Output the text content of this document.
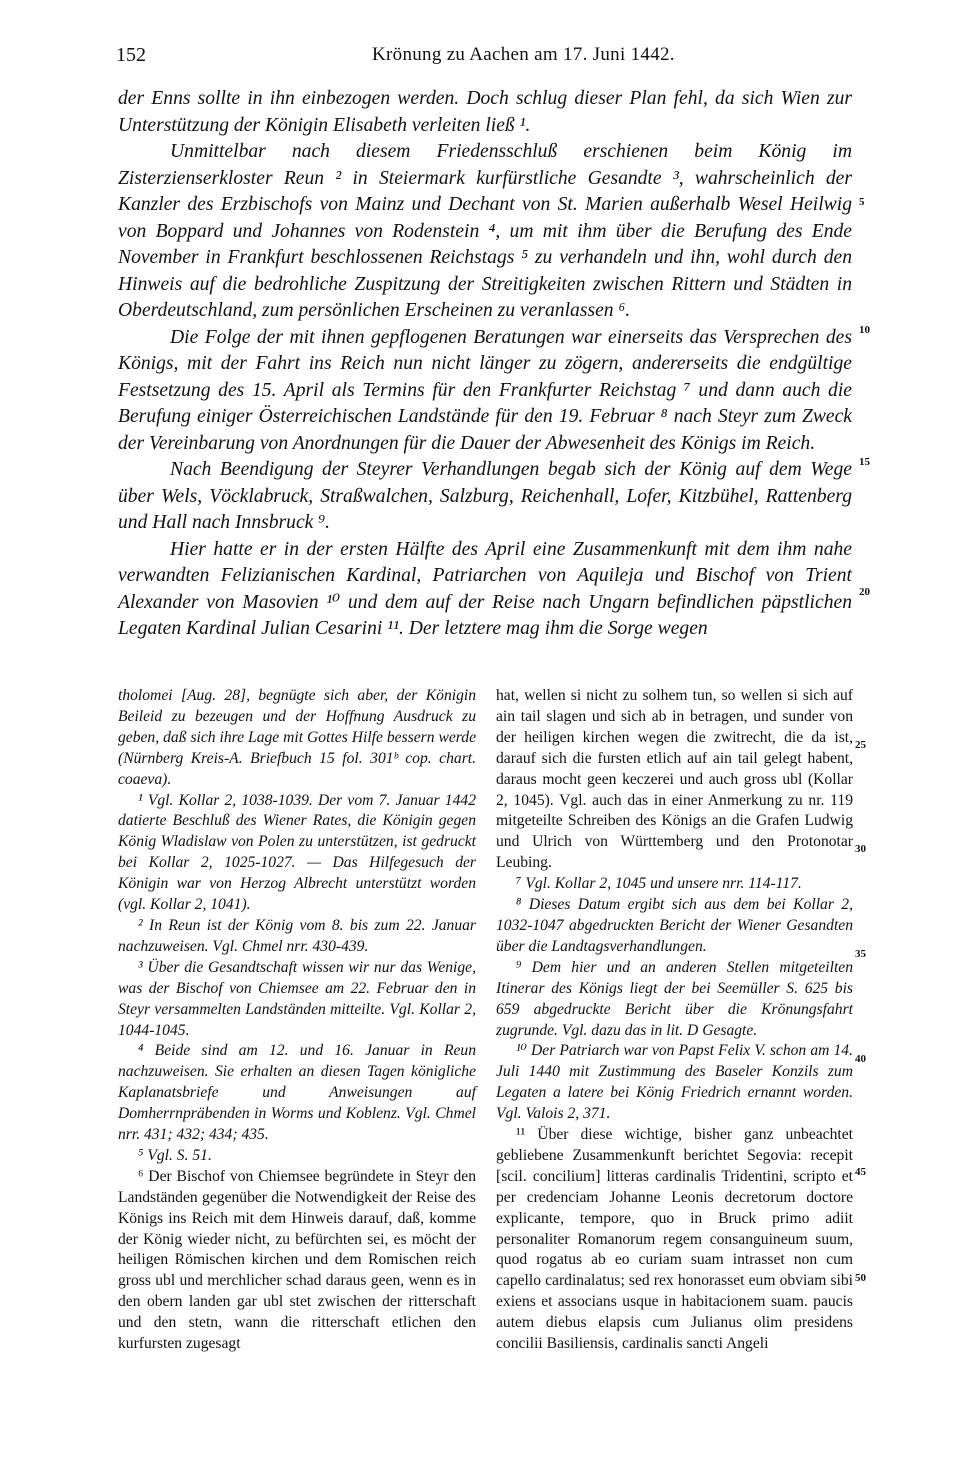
152	Krönung zu Aachen am 17. Juni 1442.

der Enns sollte in ihn einbezogen werden. Doch schlug dieser Plan fehl, da sich Wien zur Unterstützung der Königin Elisabeth verleiten ließ ¹.

Unmittelbar nach diesem Friedensschluß erschienen beim König im Zisterzienserkloster Reun ² in Steiermark kurfürstliche Gesandte ³, wahrscheinlich der Kanzler des Erzbischofs von Mainz und Dechant von St. Marien außerhalb Wesel Heilwig von Boppard und Johannes von Rodenstein ⁴, um mit ihm über die Berufung des Ende November in Frankfurt beschlossenen Reichstags ⁵ zu verhandeln und ihn, wohl durch den Hinweis auf die bedrohliche Zuspitzung der Streitigkeiten zwischen Rittern und Städten in Oberdeutschland, zum persönlichen Erscheinen zu veranlassen ⁶.

Die Folge der mit ihnen gepflogenen Beratungen war einerseits das Versprechen des Königs, mit der Fahrt ins Reich nun nicht länger zu zögern, andererseits die endgültige Festsetzung des 15. April als Termins für den Frankfurter Reichstag ⁷ und dann auch die Berufung einiger Österreichischen Landstände für den 19. Februar ⁸ nach Steyr zum Zweck der Vereinbarung von Anordnungen für die Dauer der Abwesenheit des Königs im Reich.

Nach Beendigung der Steyrer Verhandlungen begab sich der König auf dem Wege über Wels, Vöcklabruck, Straßwalchen, Salzburg, Reichenhall, Lofer, Kitzbühel, Rattenberg und Hall nach Innsbruck ⁹.

Hier hatte er in der ersten Hälfte des April eine Zusammenkunft mit dem ihm nahe verwandten Felizianischen Kardinal, Patriarchen von Aquileja und Bischof von Trient Alexander von Masovien ¹⁰ und dem auf der Reise nach Ungarn befindlichen päpstlichen Legaten Kardinal Julian Cesarini ¹¹. Der letztere mag ihm die Sorge wegen

5
10
15
20

tholomei [Aug. 28], begnügte sich aber, der Königin Beileid zu bezeugen und der Hoffnung Ausdruck zu geben, daß sich ihre Lage mit Gottes Hilfe bessern werde (Nürnberg Kreis-A. Briefbuch 15 fol. 301ᵇ cop. chart. coaeva).

¹ Vgl. Kollar 2, 1038-1039. Der vom 7. Januar 1442 datierte Beschluß des Wiener Rates, die Königin gegen König Wladislaw von Polen zu unterstützen, ist gedruckt bei Kollar 2, 1025-1027. — Das Hilfegesuch der Königin war von Herzog Albrecht unterstützt worden (vgl. Kollar 2, 1041).

² In Reun ist der König vom 8. bis zum 22. Januar nachzuweisen. Vgl. Chmel nrr. 430-439.

³ Über die Gesandtschaft wissen wir nur das Wenige, was der Bischof von Chiemsee am 22. Februar den in Steyr versammelten Landständen mitteilte. Vgl. Kollar 2, 1044-1045.

⁴ Beide sind am 12. und 16. Januar in Reun nachzuweisen. Sie erhalten an diesen Tagen königliche Kaplanatsbriefe und Anweisungen auf Domherrnpräbenden in Worms und Koblenz. Vgl. Chmel nrr. 431; 432; 434; 435.

⁵ Vgl. S. 51.

⁶ Der Bischof von Chiemsee begründete in Steyr den Landständen gegenüber die Notwendigkeit der Reise des Königs ins Reich mit dem Hinweis darauf, daß, komme der König wieder nicht, zu befürchten sei, es möcht der heiligen Römischen kirchen und dem Romischen reich gross ubl und merchlicher schad daraus geen, wenn es in den obern landen gar ubl stet zwischen der ritterschaft und den stetn, wann die ritterschaft etlichen den kurfursten zugesagt

hat, wellen si nicht zu solhem tun, so wellen si sich auf ain tail slagen und sich ab in betragen, und sunder von der heiligen kirchen wegen die zwitrecht, die da ist, darauf sich die fursten etlich auf ain tail gelegt habent, daraus mocht geen keczerei und auch gross ubl (Kollar 2, 1045). Vgl. auch das in einer Anmerkung zu nr. 119 mitgeteilte Schreiben des Königs an die Grafen Ludwig und Ulrich von Württemberg und den Protonotar Leubing.

⁷ Vgl. Kollar 2, 1045 und unsere nrr. 114-117.

⁸ Dieses Datum ergibt sich aus dem bei Kollar 2, 1032-1047 abgedruckten Bericht der Wiener Gesandten über die Landtagsverhandlungen.

⁹ Dem hier und an anderen Stellen mitgeteilten Itinerar des Königs liegt der bei Seemüller S. 625 bis 659 abgedruckte Bericht über die Krönungsfahrt zugrunde. Vgl. dazu das in lit. D Gesagte.

¹⁰ Der Patriarch war von Papst Felix V. schon am 14. Juli 1440 mit Zustimmung des Baseler Konzils zum Legaten a latere bei König Friedrich ernannt worden. Vgl. Valois 2, 371.

¹¹ Über diese wichtige, bisher ganz unbeachtet gebliebene Zusammenkunft berichtet Segovia: recepit [scil. concilium] litteras cardinalis Tridentini, scripto et per credenciam Johanne Leonis decretorum doctore explicante, tempore, quo in Bruck primo adiit personaliter Romanorum regem consanguineum suum, quod rogatus ab eo curiam suam intrasset non cum capello cardinalatus; sed rex honorasset eum obviam sibi exiens et associans usque in habitacionem suam. paucis autem diebus elapsis cum Julianus olim presidens concilii Basiliensis, cardinalis sancti Angeli

25
30
35
40
45
50
